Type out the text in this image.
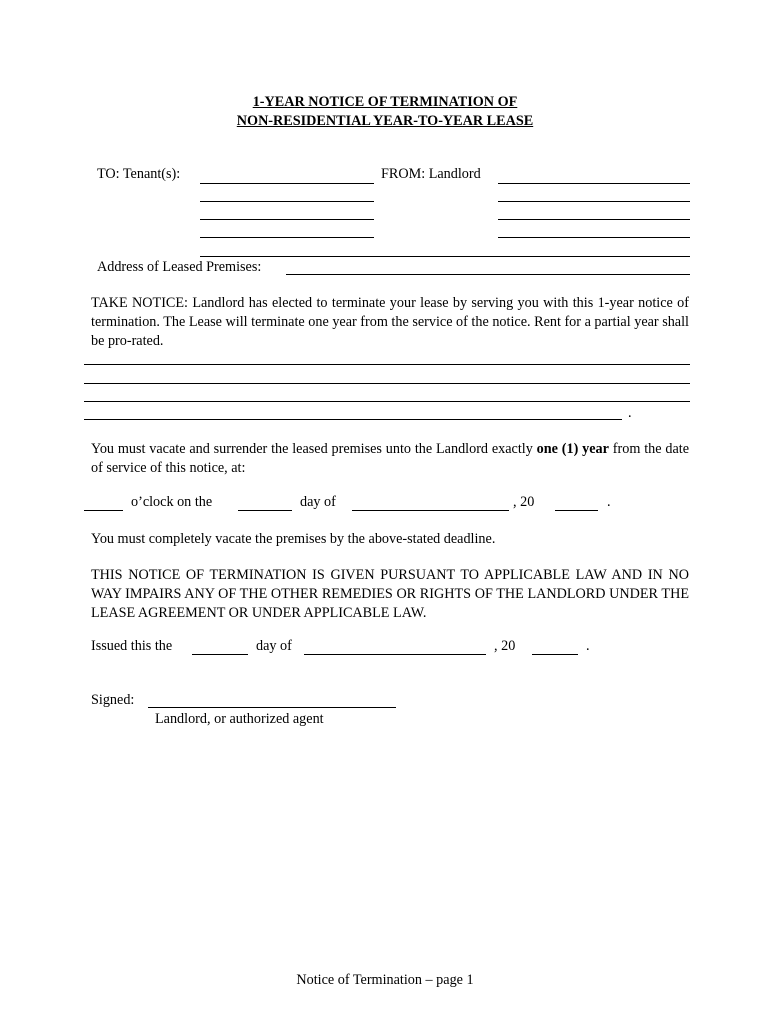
1-YEAR NOTICE OF TERMINATION OF
NON-RESIDENTIAL YEAR-TO-YEAR LEASE
TO: Tenant(s):	FROM: Landlord
Address of Leased Premises:
TAKE NOTICE: Landlord has elected to terminate your lease by serving you with this 1-year notice of termination. The Lease will terminate one year from the service of the notice. Rent for a partial year shall be pro-rated.
.
You must vacate and surrender the leased premises unto the Landlord exactly one (1) year from the date of service of this notice, at:
o’clock on the	day of	, 20	.
You must completely vacate the premises by the above-stated deadline.
THIS NOTICE OF TERMINATION IS GIVEN PURSUANT TO APPLICABLE LAW AND IN NO WAY IMPAIRS ANY OF THE OTHER REMEDIES OR RIGHTS OF THE LANDLORD UNDER THE LEASE AGREEMENT OR UNDER APPLICABLE LAW.
Issued this the	day of	, 20	.
Signed:
Landlord, or authorized agent
Notice of Termination – page 1
